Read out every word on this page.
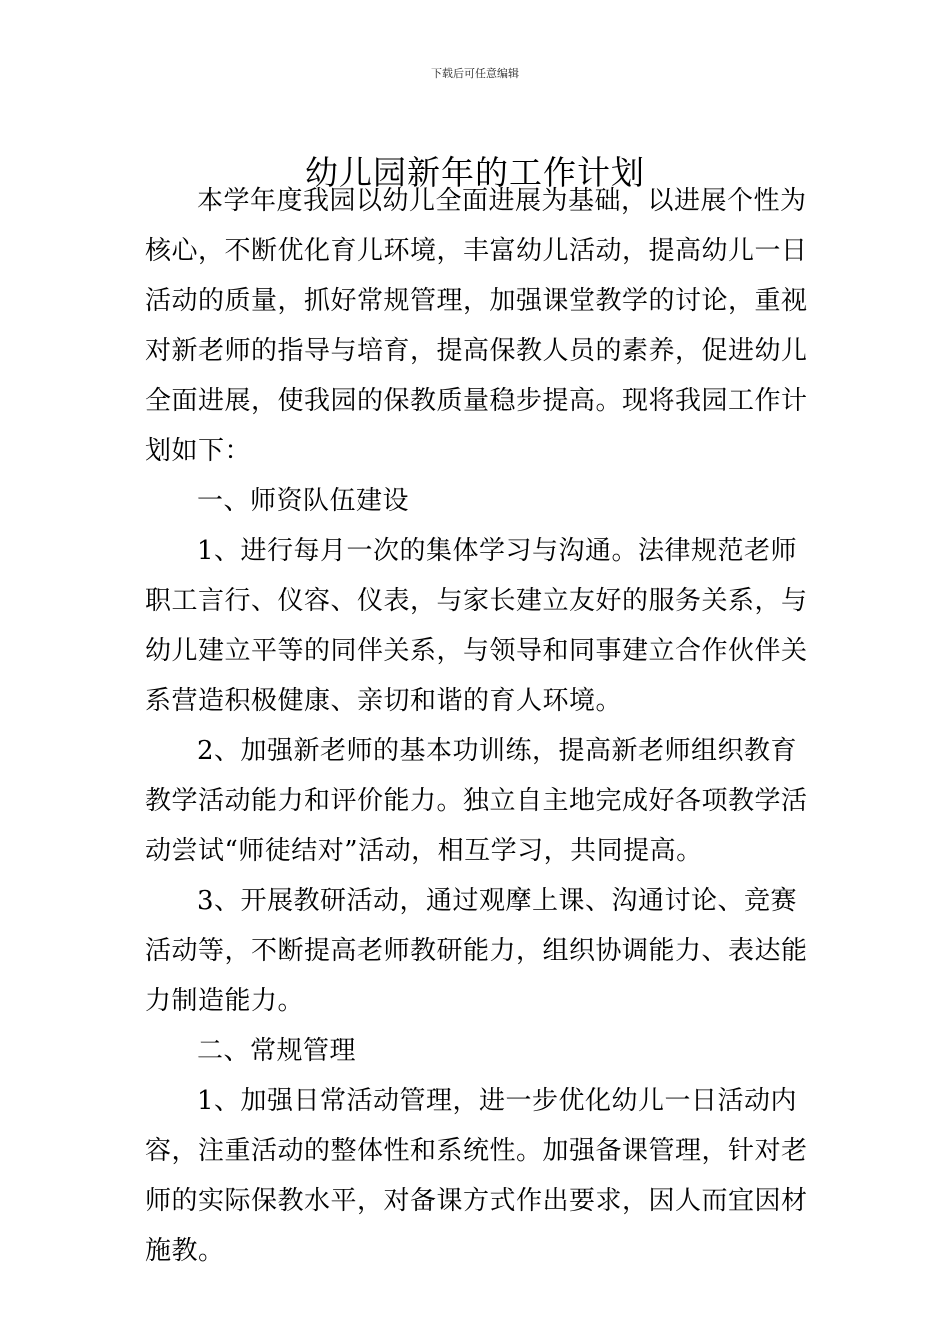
下载后可任意编辑
幼儿园新年的工作计划

本学年度我园以幼儿全面进展为基础，以进展个性为核心，不断优化育儿环境，丰富幼儿活动，提高幼儿一日活动的质量，抓好常规管理，加强课堂教学的讨论，重视对新老师的指导与培育，提高保教人员的素养，促进幼儿全面进展，使我园的保教质量稳步提高。现将我园工作计划如下：

一、师资队伍建设

1、进行每月一次的集体学习与沟通。法律规范老师职工言行、仪容、仪表，与家长建立友好的服务关系，与幼儿建立平等的同伴关系，与领导和同事建立合作伙伴关系营造积极健康、亲切和谐的育人环境。

2、加强新老师的基本功训练，提高新老师组织教育教学活动能力和评价能力。独立自主地完成好各项教学活动尝试“师徒结对”活动，相互学习，共同提高。

3、开展教研活动，通过观摩上课、沟通讨论、竞赛活动等，不断提高老师教研能力，组织协调能力、表达能力制造能力。

二、常规管理

1、加强日常活动管理，进一步优化幼儿一日活动内容，注重活动的整体性和系统性。加强备课管理，针对老师的实际保教水平，对备课方式作出要求，因人而宜因材施教。
